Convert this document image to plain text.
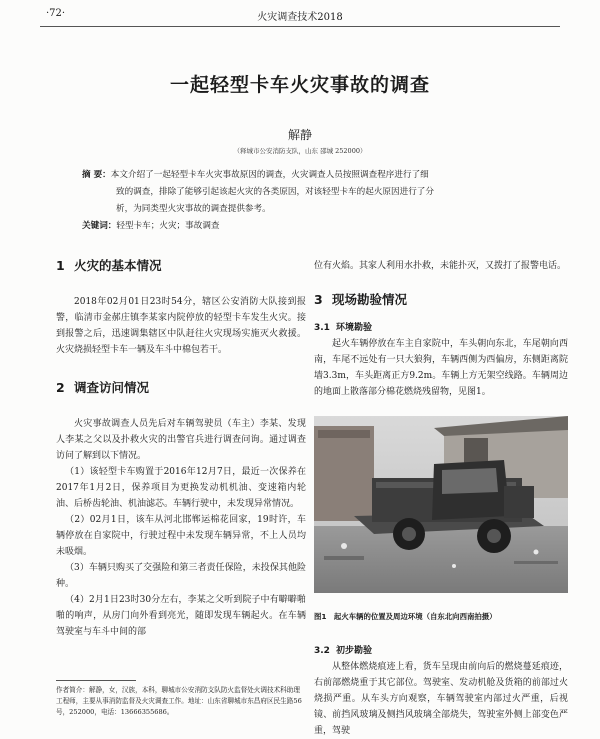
·72·	火灾调查技术2018
一起轻型卡车火灾事故的调查
解静
（释城市公安消防支队，山东 邵城 252000）
摘 要：本文介绍了一起轻型卡车火灾事故原因的调查，火灾调查人员按照调查程序进行了细
致的调查，排除了能够引起该起火灾的各类原因，对该轻型卡车的起火原因进行了分
析，为同类型火灾事故的调查提供参考。
关键词：轻型卡车；火灾；事故调查

1 火灾的基本情况

2018年02月01日23时54分，辖区公安消防大队接到报警，临清市金郝庄镇李某家内院停放的轻型卡车发生火灾。接到报警之后，迅速调集辖区中队赶往火灾现场实施灭火救援。火灾烧损轻型卡车一辆及车斗中棉包若干。

2 调查访问情况

火灾事故调查人员先后对车辆驾驶员（车主）李某、发现人李某之父以及扑救火灾的出警官兵进行调查问询。通过调查访问了解到以下情况。

（1）该轻型卡车购置于2016年12月7日，最近一次保养在2017年1月2日，保养项目为更换发动机机油、变速箱内轮油、后桥齿轮油、机油滤芯。车辆行驶中，未发现异常情况。

（2）02月1日，该车从河北邯郸运棉花回家，19时许，车辆停放在自家院中，行驶过程中未发现车辆异常，不上人员均未吸烟。

（3）车辆只购买了交强险和第三者责任保险，未投保其他险种。

（4）2月1日23时30分左右，李某之父听到院子中有噼噼啪啪的响声，从房门向外看到亮光，随即发现车辆起火。在车辆驾驶室与车斗中间的部

位有火焰。其家人利用水扑救，未能扑灭，又拨打了报警电话。

3 现场勘验情况

3.1 环境勘验

起火车辆停放在车主自家院中，车头朝向东北，车尾朝向西南，车尾不远处有一只大狼狗，车辆西侧为西偏房，东侧距离院墙3.3m，车头距离正方9.2m。车辆上方无架空线路。车辆周边的地面上散落部分棉花燃烧残留物，见图1。

图1　起火车辆的位置及周边环境（自东北向西南拍摄）

3.2 初步勘验

从整体燃烧痕迹上看，货车呈现由前向后的燃烧蔓延痕迹，右前部燃烧重于其它部位。驾驶室、发动机舱及货箱的前部过火烧损严重。从车头方向观察，车辆驾驶室内部过火严重，后视镜、前挡风玻璃及侧挡风玻璃全部烧失，驾驶室外侧上部变色严重，驾驶

作者简介：解静，女，汉族，本科，聊城市公安消防支队防火监督处火调技术科助理工程师，主要从事消防监督及火灾调查工作。地址：山东省聊城市东昌府区民生路56号，252000，电话：13666355686。
